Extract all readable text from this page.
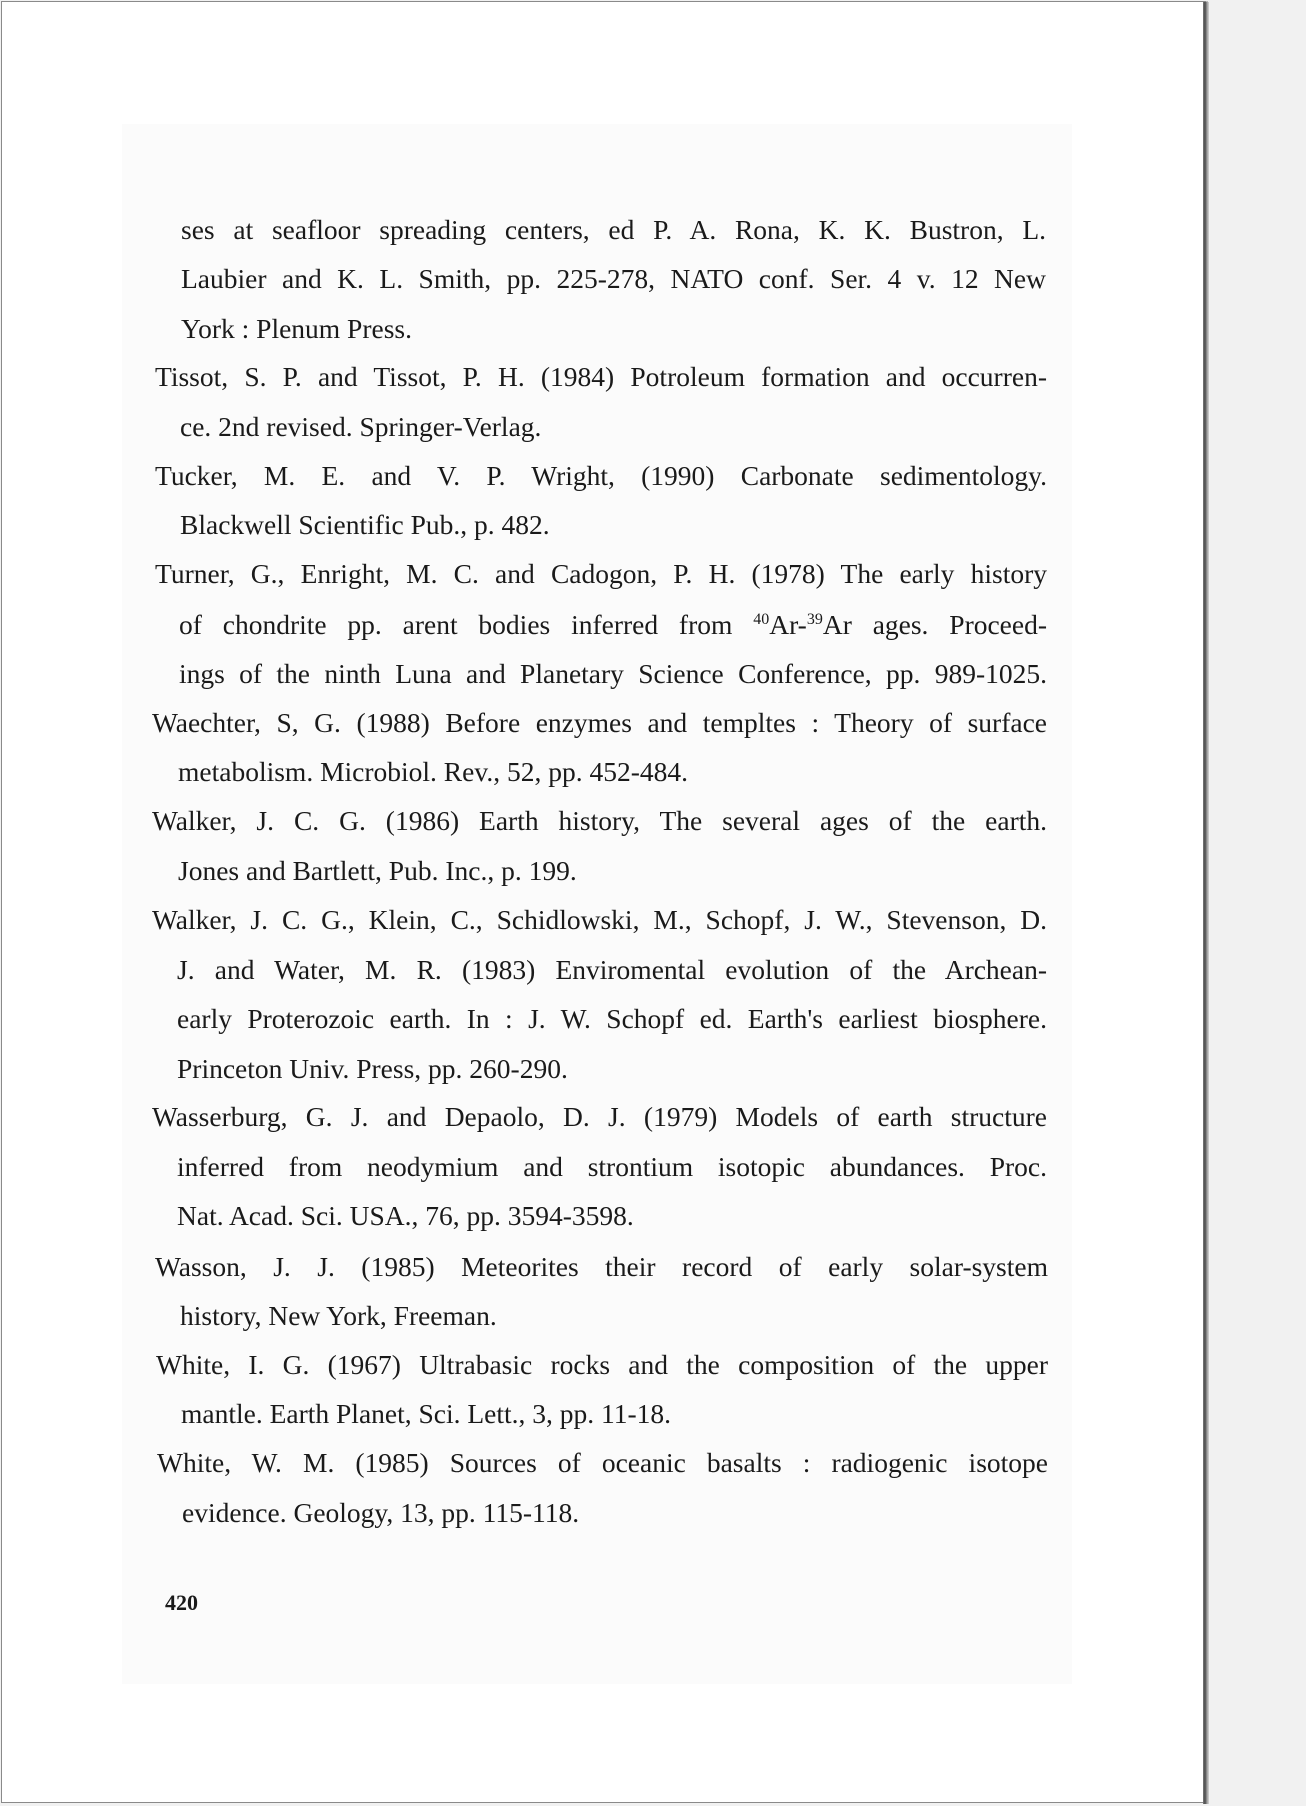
ses at seafloor spreading centers, ed P. A. Rona, K. K. Bustron, L.
Laubier and K. L. Smith, pp. 225-278, NATO conf. Ser. 4 v. 12 New
York : Plenum Press.
Tissot, S. P. and Tissot, P. H. (1984) Potroleum formation and occurren-
ce. 2nd revised. Springer-Verlag.
Tucker, M. E. and V. P. Wright, (1990) Carbonate sedimentology.
Blackwell Scientific Pub., p. 482.
Turner, G., Enright, M. C. and Cadogon, P. H. (1978) The early history
of chondrite pp. arent bodies inferred from $^{40}$Ar-$^{39}$Ar ages. Proceed-
ings of the ninth Luna and Planetary Science Conference, pp. 989-1025.
Waechter, S, G. (1988) Before enzymes and templtes : Theory of surface
metabolism. Microbiol. Rev., 52, pp. 452-484.
Walker, J. C. G. (1986) Earth history, The several ages of the earth.
Jones and Bartlett, Pub. Inc., p. 199.
Walker, J. C. G., Klein, C., Schidlowski, M., Schopf, J. W., Stevenson, D.
J. and Water, M. R. (1983) Enviromental evolution of the Archean-
early Proterozoic earth. In : J. W. Schopf ed. Earth's earliest biosphere.
Princeton Univ. Press, pp. 260-290.
Wasserburg, G. J. and Depaolo, D. J. (1979) Models of earth structure
inferred from neodymium and strontium isotopic abundances. Proc.
Nat. Acad. Sci. USA., 76, pp. 3594-3598.
Wasson, J. J. (1985) Meteorites their record of early solar-system
history, New York, Freeman.
White, I. G. (1967) Ultrabasic rocks and the composition of the upper
mantle. Earth Planet, Sci. Lett., 3, pp. 11-18.
White, W. M. (1985) Sources of oceanic basalts : radiogenic isotope
evidence. Geology, 13, pp. 115-118.
420
